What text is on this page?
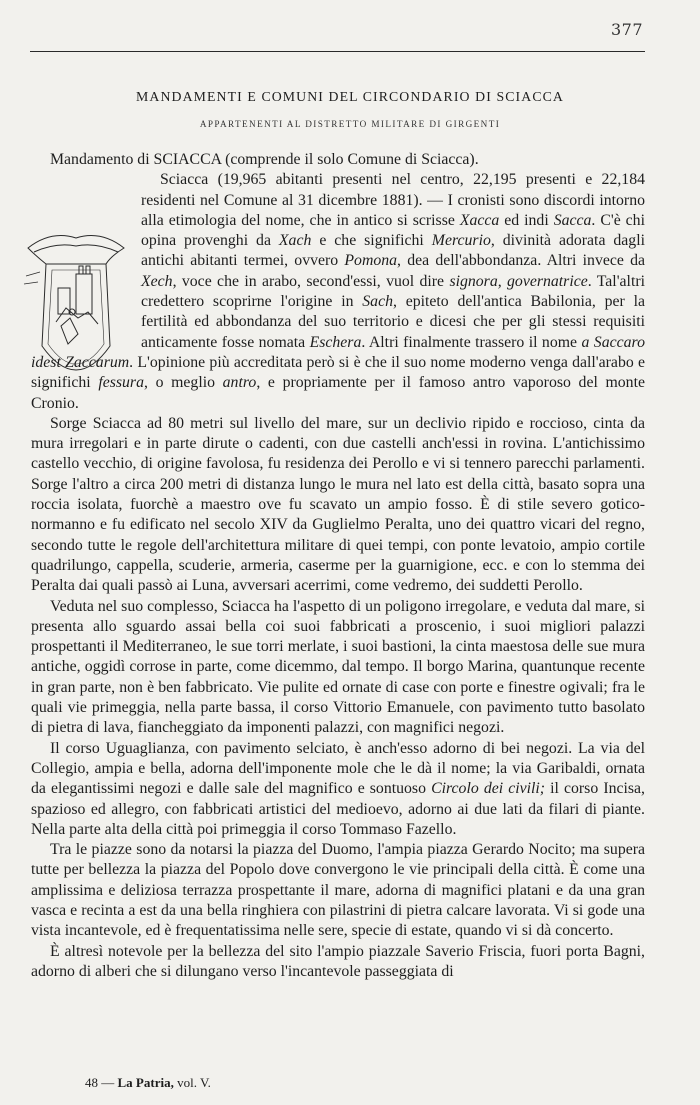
377
MANDAMENTI E COMUNI DEL CIRCONDARIO DI SCIACCA
APPARTENENTI AL DISTRETTO MILITARE DI GIRGENTI

Mandamento di SCIACCA (comprende il solo Comune di Sciacca).

Sciacca (19,965 abitanti presenti nel centro, 22,195 presenti e 22,184 residenti nel Comune al 31 dicembre 1881). — I cronisti sono discordi intorno alla etimologia del nome, che in antico si scrisse Xacca ed indi Sacca. C'è chi opina provenghi da Xach e che significhi Mercurio, divinità adorata dagli antichi abitanti termei, ovvero Pomona, dea dell'abbondanza. Altri invece da Xech, voce che in arabo, second'essi, vuol dire signora, governatrice. Tal'altri credettero scoprirne l'origine in Sach, epiteto dell'antica Babilonia, per la fertilità ed abbondanza del suo territorio e dicesi che per gli stessi requisiti anticamente fosse nomata Eschera. Altri finalmente trassero il nome a Saccaro idest Zaccarum. L'opinione più accreditata però si è che il suo nome moderno venga dall'arabo e significhi fessura, o meglio antro, e propriamente per il famoso antro vaporoso del monte Cronio.

Sorge Sciacca ad 80 metri sul livello del mare, sur un declivio ripido e roccioso, cinta da mura irregolari e in parte dirute o cadenti, con due castelli anch'essi in rovina. L'antichissimo castello vecchio, di origine favolosa, fu residenza dei Perollo e vi si tennero parecchi parlamenti. Sorge l'altro a circa 200 metri di distanza lungo le mura nel lato est della città, basato sopra una roccia isolata, fuorchè a maestro ove fu scavato un ampio fosso. È di stile severo gotico-normanno e fu edificato nel secolo XIV da Guglielmo Peralta, uno dei quattro vicari del regno, secondo tutte le regole dell'architettura militare di quei tempi, con ponte levatoio, ampio cortile quadrilungo, cappella, scuderie, armeria, caserme per la guarnigione, ecc. e con lo stemma dei Peralta dai quali passò ai Luna, avversari acerrimi, come vedremo, dei suddetti Perollo.

Veduta nel suo complesso, Sciacca ha l'aspetto di un poligono irregolare, e veduta dal mare, si presenta allo sguardo assai bella coi suoi fabbricati a proscenio, i suoi migliori palazzi prospettanti il Mediterraneo, le sue torri merlate, i suoi bastioni, la cinta maestosa delle sue mura antiche, oggidì corrose in parte, come dicemmo, dal tempo. Il borgo Marina, quantunque recente in gran parte, non è ben fabbricato. Vie pulite ed ornate di case con porte e finestre ogivali; fra le quali vie primeggia, nella parte bassa, il corso Vittorio Emanuele, con pavimento tutto basolato di pietra di lava, fiancheggiato da imponenti palazzi, con magnifici negozi.

Il corso Uguaglianza, con pavimento selciato, è anch'esso adorno di bei negozi. La via del Collegio, ampia e bella, adorna dell'imponente mole che le dà il nome; la via Garibaldi, ornata da elegantissimi negozi e dalle sale del magnifico e sontuoso Circolo dei civili; il corso Incisa, spazioso ed allegro, con fabbricati artistici del medioevo, adorno ai due lati da filari di piante. Nella parte alta della città poi primeggia il corso Tommaso Fazello.

Tra le piazze sono da notarsi la piazza del Duomo, l'ampia piazza Gerardo Nocito; ma supera tutte per bellezza la piazza del Popolo dove convergono le vie principali della città. È come una amplissima e deliziosa terrazza prospettante il mare, adorna di magnifici platani e da una gran vasca e recinta a est da una bella ringhiera con pilastrini di pietra calcare lavorata. Vi si gode una vista incantevole, ed è frequentatissima nelle sere, specie di estate, quando vi si dà concerto.

È altresì notevole per la bellezza del sito l'ampio piazzale Saverio Friscia, fuori porta Bagni, adorno di alberi che si dilungano verso l'incantevole passeggiata di

48 — La Patria, vol. V.
